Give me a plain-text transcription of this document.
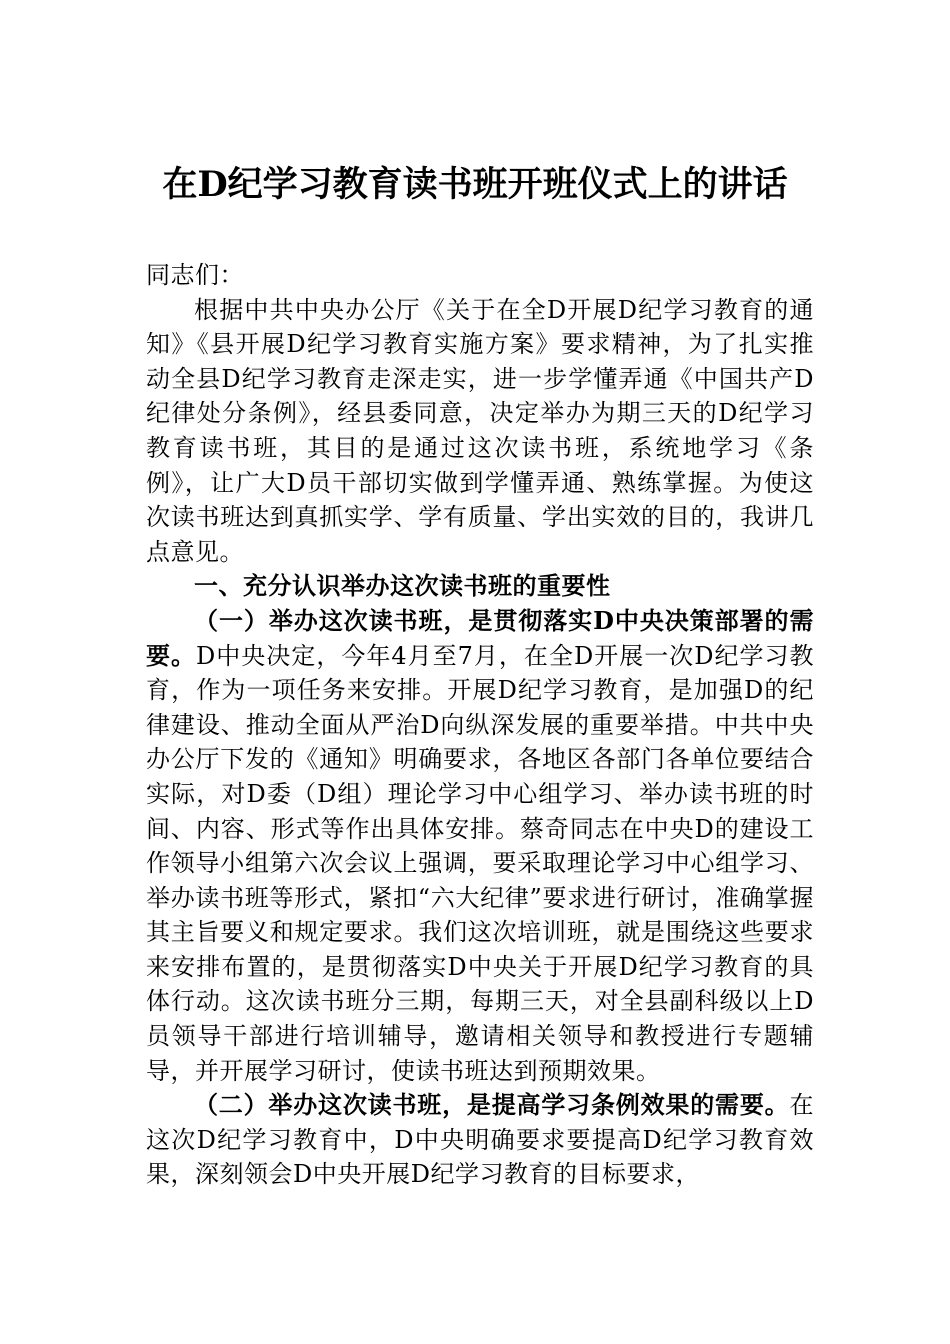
在D纪学习教育读书班开班仪式上的讲话

同志们：

根据中共中央办公厅《关于在全D开展D纪学习教育的通知》《县开展D纪学习教育实施方案》要求精神，为了扎实推动全县D纪学习教育走深走实，进一步学懂弄通《中国共产D纪律处分条例》，经县委同意，决定举办为期三天的D纪学习教育读书班，其目的是通过这次读书班，系统地学习《条例》，让广大D员干部切实做到学懂弄通、熟练掌握。为使这次读书班达到真抓实学、学有质量、学出实效的目的，我讲几点意见。

一、充分认识举办这次读书班的重要性

（一）举办这次读书班，是贯彻落实D中央决策部署的需要。D中央决定，今年4月至7月，在全D开展一次D纪学习教育，作为一项任务来安排。开展D纪学习教育，是加强D的纪律建设、推动全面从严治D向纵深发展的重要举措。中共中央办公厅下发的《通知》明确要求，各地区各部门各单位要结合实际，对D委（D组）理论学习中心组学习、举办读书班的时间、内容、形式等作出具体安排。蔡奇同志在中央D的建设工作领导小组第六次会议上强调，要采取理论学习中心组学习、举办读书班等形式，紧扣“六大纪律”要求进行研讨，准确掌握其主旨要义和规定要求。我们这次培训班，就是围绕这些要求来安排布置的，是贯彻落实D中央关于开展D纪学习教育的具体行动。这次读书班分三期，每期三天，对全县副科级以上D员领导干部进行培训辅导，邀请相关领导和教授进行专题辅导，并开展学习研讨，使读书班达到预期效果。

（二）举办这次读书班，是提高学习条例效果的需要。在这次D纪学习教育中，D中央明确要求要提高D纪学习教育效果，深刻领会D中央开展D纪学习教育的目标要求，
